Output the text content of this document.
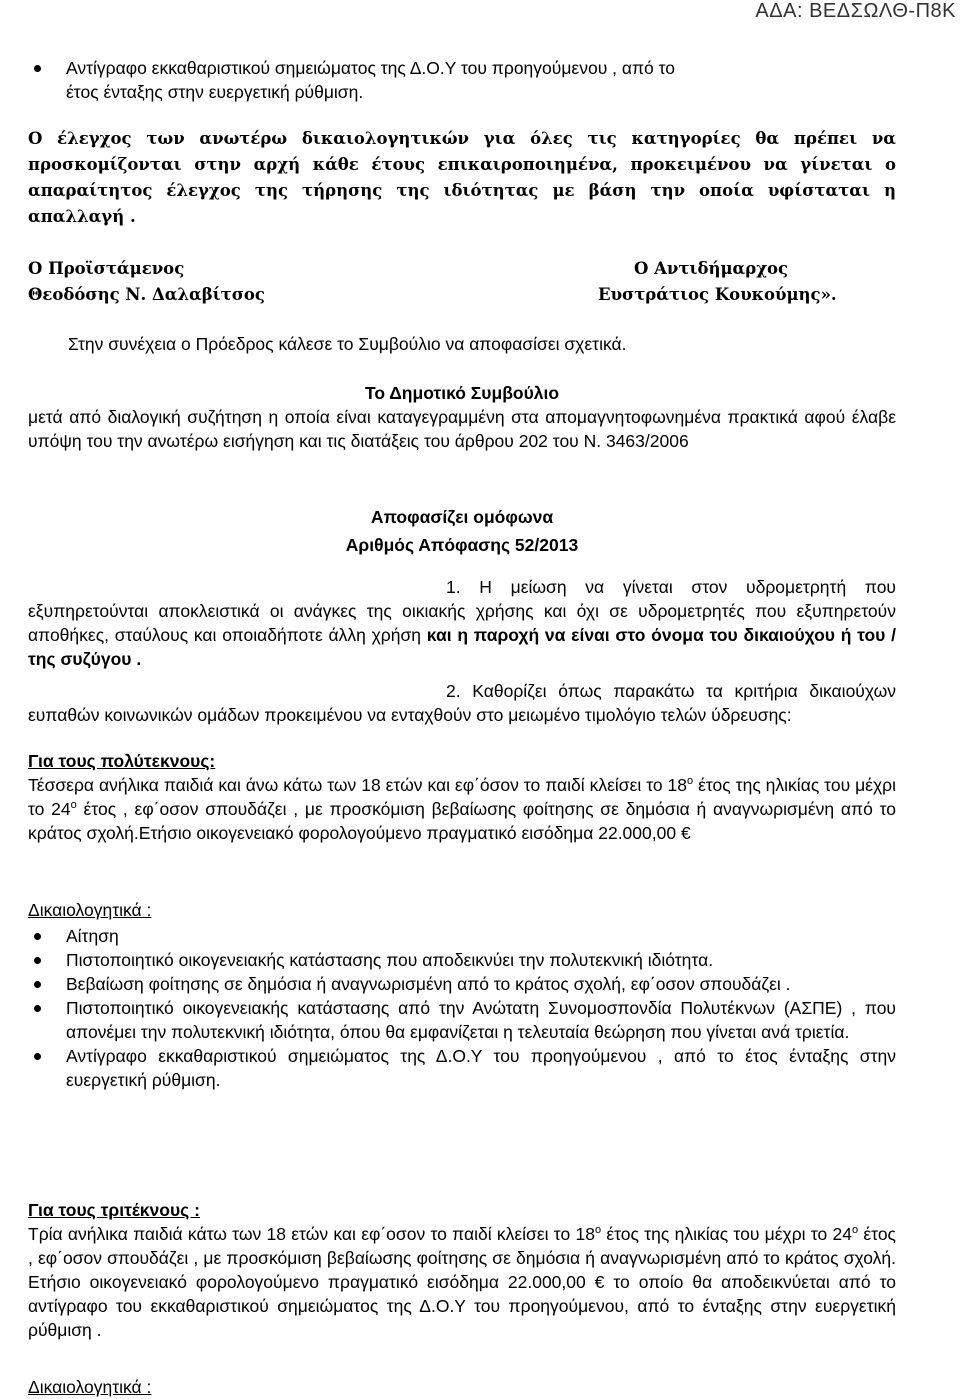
ΑΔΑ: ΒΕΔΣΩΛΘ-Π8Κ
Αντίγραφο εκκαθαριστικού σημειώματος της Δ.Ο.Υ του προηγούμενου , από το
έτος ένταξης στην ευεργετική ρύθμιση.

Ο έλεγχος των ανωτέρω δικαιολογητικών για όλες τις κατηγορίες θα πρέπει να προσκομίζονται στην αρχή κάθε έτους επικαιροποιημένα, προκειμένου να γίνεται ο απαραίτητος έλεγχος της τήρησης της ιδιότητας με βάση την οποία υφίσταται η απαλλαγή .

Ο Προϊστάμενος
Θεοδόσης Ν. Δαλαβίτσος
Ο Αντιδήμαρχος
Ευστράτιος Κουκούμης».
Στην συνέχεια ο Πρόεδρος κάλεσε το Συμβούλιο να αποφασίσει σχετικά.

Το Δημοτικό Συμβούλιο

μετά από διαλογική συζήτηση η οποία είναι καταγεγραμμένη στα απομαγνητοφωνημένα πρακτικά αφού έλαβε υπόψη του την ανωτέρω εισήγηση και τις διατάξεις του άρθρου 202 του Ν. 3463/2006

Αποφασίζει ομόφωνα

Αριθμός Απόφασης 52/2013

1. Η μείωση να γίνεται στον υδρομετρητή που εξυπηρετούνται αποκλειστικά οι ανάγκες της οικιακής χρήσης και όχι σε υδρομετρητές που εξυπηρετούν αποθήκες, σταύλους και οποιαδήποτε άλλη χρήση και η παροχή να είναι στο όνομα του δικαιούχου ή του /της συζύγου .

2. Καθορίζει όπως παρακάτω τα κριτήρια δικαιούχων ευπαθών κοινωνικών ομάδων προκειμένου να ενταχθούν στο μειωμένο τιμολόγιο τελών ύδρευσης:

Για τους πολύτεκνους:

Τέσσερα ανήλικα παιδιά και άνω κάτω των 18 ετών και εφ΄όσον το παιδί κλείσει το $18^o$ έτος της ηλικίας του μέχρι το $24^o$ έτος , εφ΄οσον σπουδάζει , με προσκόμιση βεβαίωσης φοίτησης σε δημόσια ή αναγνωρισμένη από το κράτος σχολή.Ετήσιο οικογενειακό φορολογούμενο πραγματικό εισόδημα 22.000,00 €

Δικαιολογητικά :
Αίτηση
Πιστοποιητικό οικογενειακής κατάστασης που αποδεικνύει την πολυτεκνική ιδιότητα.
Βεβαίωση φοίτησης σε δημόσια ή αναγνωρισμένη από το κράτος σχολή, εφ΄οσον σπουδάζει .
Πιστοποιητικό οικογενειακής κατάστασης από την Ανώτατη Συνομοσπονδία Πολυτέκνων (ΑΣΠΕ) , που απονέμει την πολυτεκνική ιδιότητα, όπου θα εμφανίζεται η τελευταία θεώρηση που γίνεται ανά τριετία.
Αντίγραφο εκκαθαριστικού σημειώματος της Δ.Ο.Υ του προηγούμενου , από το έτος ένταξης στην ευεργετική ρύθμιση.

Για τους τριτέκνους :

Τρία ανήλικα παιδιά κάτω των 18 ετών και εφ΄οσον το παιδί κλείσει το $18^o$ έτος της ηλικίας του μέχρι το $24^o$ έτος , εφ΄οσον σπουδάζει , με προσκόμιση βεβαίωσης φοίτησης σε δημόσια ή αναγνωρισμένη από το κράτος σχολή. Ετήσιο οικογενειακό φορολογούμενο πραγματικό εισόδημα 22.000,00 € το οποίο θα αποδεικνύεται από το αντίγραφο του εκκαθαριστικού σημειώματος της Δ.Ο.Υ του προηγούμενου, από το ένταξης στην ευεργετική ρύθμιση .

Δικαιολογητικά :
